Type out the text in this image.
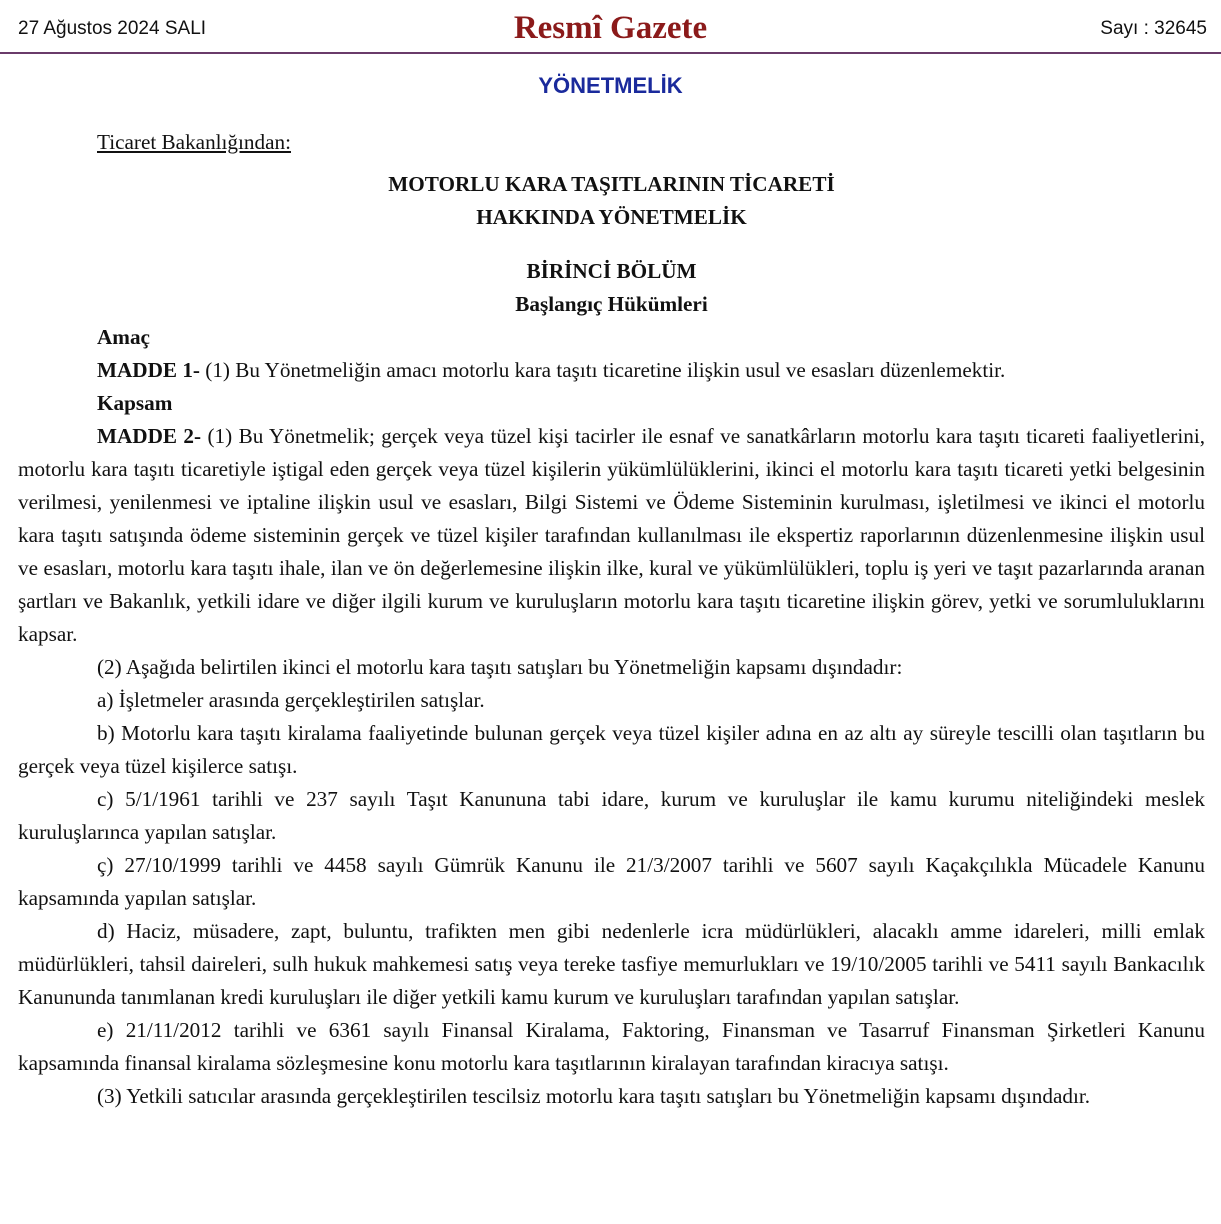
27 Ağustos 2024 SALI	Resmî Gazete	Sayı : 32645
YÖNETMELİK
Ticaret Bakanlığından:
MOTORLU KARA TAŞITLARININ TİCARETİ
HAKKINDA YÖNETMELİK
BİRİNCİ BÖLÜM
Başlangıç Hükümleri
Amaç

MADDE 1- (1) Bu Yönetmeliğin amacı motorlu kara taşıtı ticaretine ilişkin usul ve esasları düzenlemektir.

Kapsam

MADDE 2- (1) Bu Yönetmelik; gerçek veya tüzel kişi tacirler ile esnaf ve sanatkârların motorlu kara taşıtı ticareti faaliyetlerini, motorlu kara taşıtı ticaretiyle iştigal eden gerçek veya tüzel kişilerin yükümlülüklerini, ikinci el motorlu kara taşıtı ticareti yetki belgesinin verilmesi, yenilenmesi ve iptaline ilişkin usul ve esasları, Bilgi Sistemi ve Ödeme Sisteminin kurulması, işletilmesi ve ikinci el motorlu kara taşıtı satışında ödeme sisteminin gerçek ve tüzel kişiler tarafından kullanılması ile ekspertiz raporlarının düzenlenmesine ilişkin usul ve esasları, motorlu kara taşıtı ihale, ilan ve ön değerlemesine ilişkin ilke, kural ve yükümlülükleri, toplu iş yeri ve taşıt pazarlarında aranan şartları ve Bakanlık, yetkili idare ve diğer ilgili kurum ve kuruluşların motorlu kara taşıtı ticaretine ilişkin görev, yetki ve sorumluluklarını kapsar.

(2) Aşağıda belirtilen ikinci el motorlu kara taşıtı satışları bu Yönetmeliğin kapsamı dışındadır:

a) İşletmeler arasında gerçekleştirilen satışlar.

b) Motorlu kara taşıtı kiralama faaliyetinde bulunan gerçek veya tüzel kişiler adına en az altı ay süreyle tescilli olan taşıtların bu gerçek veya tüzel kişilerce satışı.

c) 5/1/1961 tarihli ve 237 sayılı Taşıt Kanununa tabi idare, kurum ve kuruluşlar ile kamu kurumu niteliğindeki meslek kuruluşlarınca yapılan satışlar.

ç) 27/10/1999 tarihli ve 4458 sayılı Gümrük Kanunu ile 21/3/2007 tarihli ve 5607 sayılı Kaçakçılıkla Mücadele Kanunu kapsamında yapılan satışlar.

d) Haciz, müsadere, zapt, buluntu, trafikten men gibi nedenlerle icra müdürlükleri, alacaklı amme idareleri, milli emlak müdürlükleri, tahsil daireleri, sulh hukuk mahkemesi satış veya tereke tasfiye memurlukları ve 19/10/2005 tarihli ve 5411 sayılı Bankacılık Kanununda tanımlanan kredi kuruluşları ile diğer yetkili kamu kurum ve kuruluşları tarafından yapılan satışlar.

e) 21/11/2012 tarihli ve 6361 sayılı Finansal Kiralama, Faktoring, Finansman ve Tasarruf Finansman Şirketleri Kanunu kapsamında finansal kiralama sözleşmesine konu motorlu kara taşıtlarının kiralayan tarafından kiracıya satışı.

(3) Yetkili satıcılar arasında gerçekleştirilen tescilsiz motorlu kara taşıtı satışları bu Yönetmeliğin kapsamı dışındadır.
